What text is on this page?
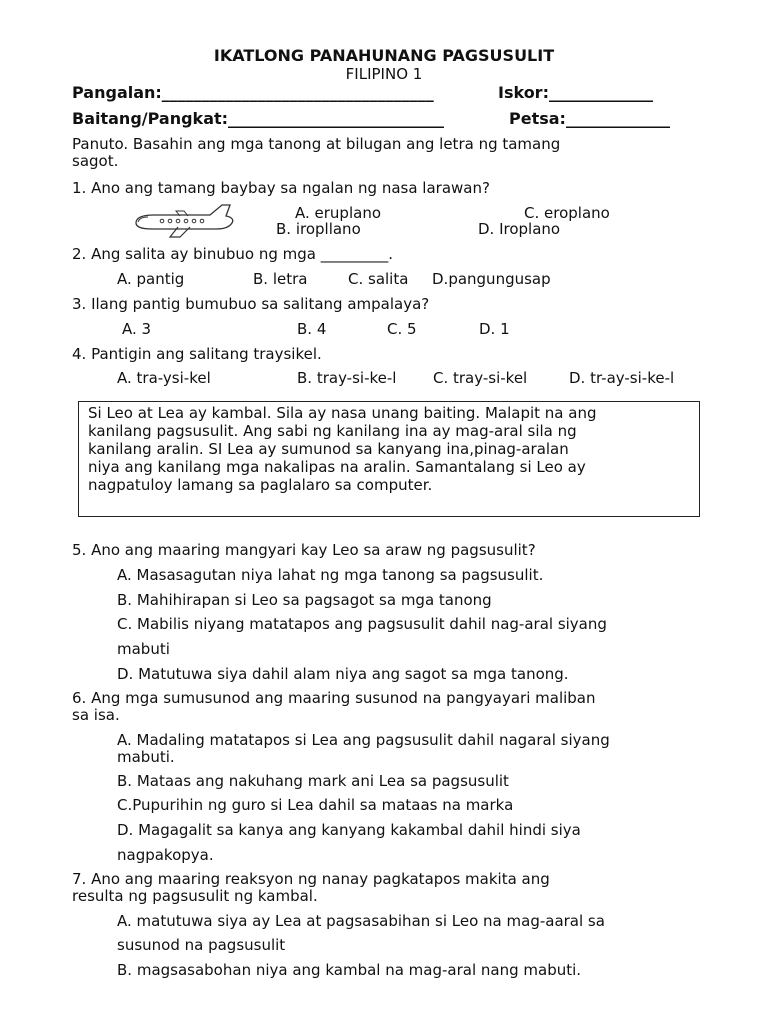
IKATLONG PANAHUNANG PAGSUSULIT
FILIPINO 1
Pangalan:__________________________________	Iskor:_____________
Baitang/Pangkat:___________________________	Petsa:_____________
Panuto. Basahin ang mga tanong at bilugan ang letra ng tamang
sagot.
1. Ano ang tamang baybay sa ngalan ng nasa larawan?
A. eruplano	C. eroplano
B. iropllano	D. Iroplano
2. Ang salita ay binubuo ng mga _________.
A. pantig	B. letra	C. salita D.pangungusap
3. Ilang pantig bumubuo sa salitang ampalaya?
A. 3	B. 4	C. 5	D. 1
4. Pantigin ang salitang traysikel.
A. tra-ysi-kel	B. tray-si-ke-l C. tray-si-kel	D. tr-ay-si-ke-l
Si Leo at Lea ay kambal. Sila ay nasa unang baiting. Malapit na ang
kanilang pagsusulit. Ang sabi ng kanilang ina ay mag-aral sila ng
kanilang aralin. SI Lea ay sumunod sa kanyang ina,pinag-aralan
niya ang kanilang mga nakalipas na aralin. Samantalang si Leo ay
nagpatuloy lamang sa paglalaro sa computer.
5. Ano ang maaring mangyari kay Leo sa araw ng pagsusulit?
A. Masasagutan niya lahat ng mga tanong sa pagsusulit.
B. Mahihirapan si Leo sa pagsagot sa mga tanong
C. Mabilis niyang matatapos ang pagsusulit dahil nag-aral siyang
mabuti
D. Matutuwa siya dahil alam niya ang sagot sa mga tanong.
6. Ang mga sumusunod ang maaring susunod na pangyayari maliban
sa isa.
A. Madaling matatapos si Lea ang pagsusulit dahil nagaral siyang
mabuti.
B. Mataas ang nakuhang mark ani Lea sa pagsusulit
C.Pupurihin ng guro si Lea dahil sa mataas na marka
D. Magagalit sa kanya ang kanyang kakambal dahil hindi siya
nagpakopya.
7. Ano ang maaring reaksyon ng nanay pagkatapos makita ang
resulta ng pagsusulit ng kambal.
A. matutuwa siya ay Lea at pagsasabihan si Leo na mag-aaral sa
susunod na pagsusulit
B. magsasabohan niya ang kambal na mag-aral nang mabuti.
